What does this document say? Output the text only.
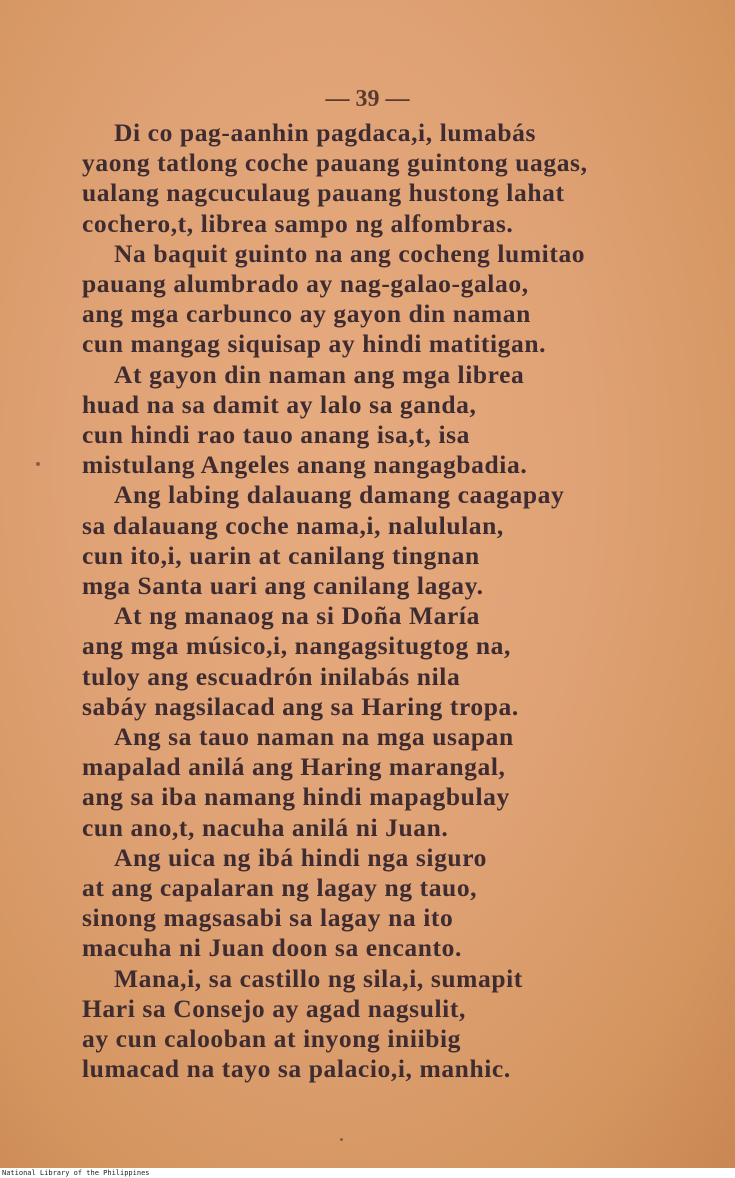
— 39 —

Di co pag-aanhin pagdaca,i, lumabás
yaong tatlong coche pauang guintong uagas,
ualang nagcuculaug pauang hustong lahat
cochero,t, librea sampo ng alfombras.

Na baquit guinto na ang cocheng lumitao
pauang alumbrado ay nag-galao-galao,
ang mga carbunco ay gayon din naman
cun mangag siquisap ay hindi matitigan.

At gayon din naman ang mga librea
huad na sa damit ay lalo sa ganda,
cun hindi rao tauo anang isa,t, isa
mistulang Angeles anang nangagbadia.

Ang labing dalauang damang caagapay
sa dalauang coche nama,i, nalululan,
cun ito,i, uarin at canilang tingnan
mga Santa uari ang canilang lagay.

At ng manaog na si Doña María
ang mga músico,i, nangagsitugtog na,
tuloy ang escuadrón inilabás nila
sabáy nagsilacad ang sa Haring tropa.

Ang sa tauo naman na mga usapan
mapalad anilá ang Haring marangal,
ang sa iba namang hindi mapagbulay
cun ano,t, nacuha anilá ni Juan.

Ang uica ng ibá hindi nga siguro
at ang capalaran ng lagay ng tauo,
sinong magsasabi sa lagay na ito
macuha ni Juan doon sa encanto.

Mana,i, sa castillo ng sila,i, sumapit
Hari sa Consejo ay agad nagsulit,
ay cun calooban at inyong iniibig
lumacad na tayo sa palacio,i, manhic.

National Library of the Philippines
